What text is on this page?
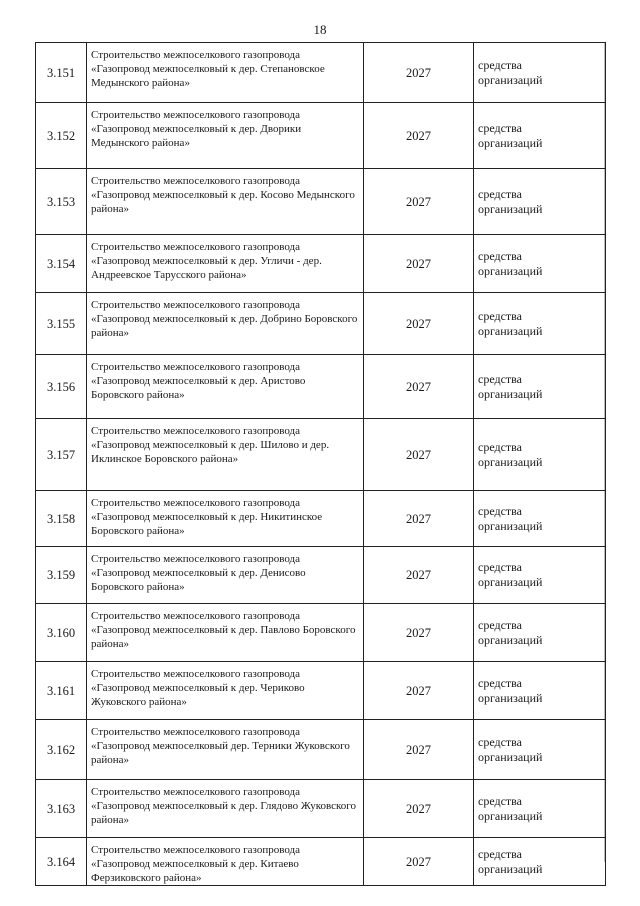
18
3.151	Строительство межпоселкового газопровода «Газопровод межпоселковый к дер. Степановское Медынского района»	2027	средства
организаций

3.152	Строительство межпоселкового газопровода «Газопровод межпоселковый к дер. Дворики Медынского района»	2027	средства
организаций

3.153	Строительство межпоселкового газопровода «Газопровод межпоселковый к дер. Косово Медынского района»	2027	средства
организаций

3.154	Строительство межпоселкового газопровода «Газопровод межпоселковый к дер. Угличи - дер. Андреевское Тарусского района»	2027	средства
организаций

3.155	Строительство межпоселкового газопровода «Газопровод межпоселковый к дер. Добрино Боровского района»	2027	средства
организаций

3.156	Строительство межпоселкового газопровода «Газопровод межпоселковый к дер. Аристово Боровского района»	2027	средства
организаций

3.157	Строительство межпоселкового газопровода «Газопровод межпоселковый к дер. Шилово и дер. Иклинское Боровского района»	2027	средства
организаций

3.158	Строительство межпоселкового газопровода «Газопровод межпоселковый к дер. Никитинское Боровского района»	2027	средства
организаций

3.159	Строительство межпоселкового газопровода «Газопровод межпоселковый к дер. Денисово Боровского района»	2027	средства
организаций

3.160	Строительство межпоселкового газопровода «Газопровод межпоселковый к дер. Павлово Боровского района»	2027	средства
организаций

3.161	Строительство межпоселкового газопровода «Газопровод межпоселковый к дер. Чериково Жуковского района»	2027	средства
организаций

3.162	Строительство межпоселкового газопровода «Газопровод межпоселковый дер. Терники Жуковского района»	2027	средства
организаций

3.163	Строительство межпоселкового газопровода «Газопровод межпоселковый к дер. Глядово Жуковского района»	2027	средства
организаций

3.164	Строительство межпоселкового газопровода «Газопровод межпоселковый к дер. Китаево Ферзиковского района»	2027	средства
организаций
